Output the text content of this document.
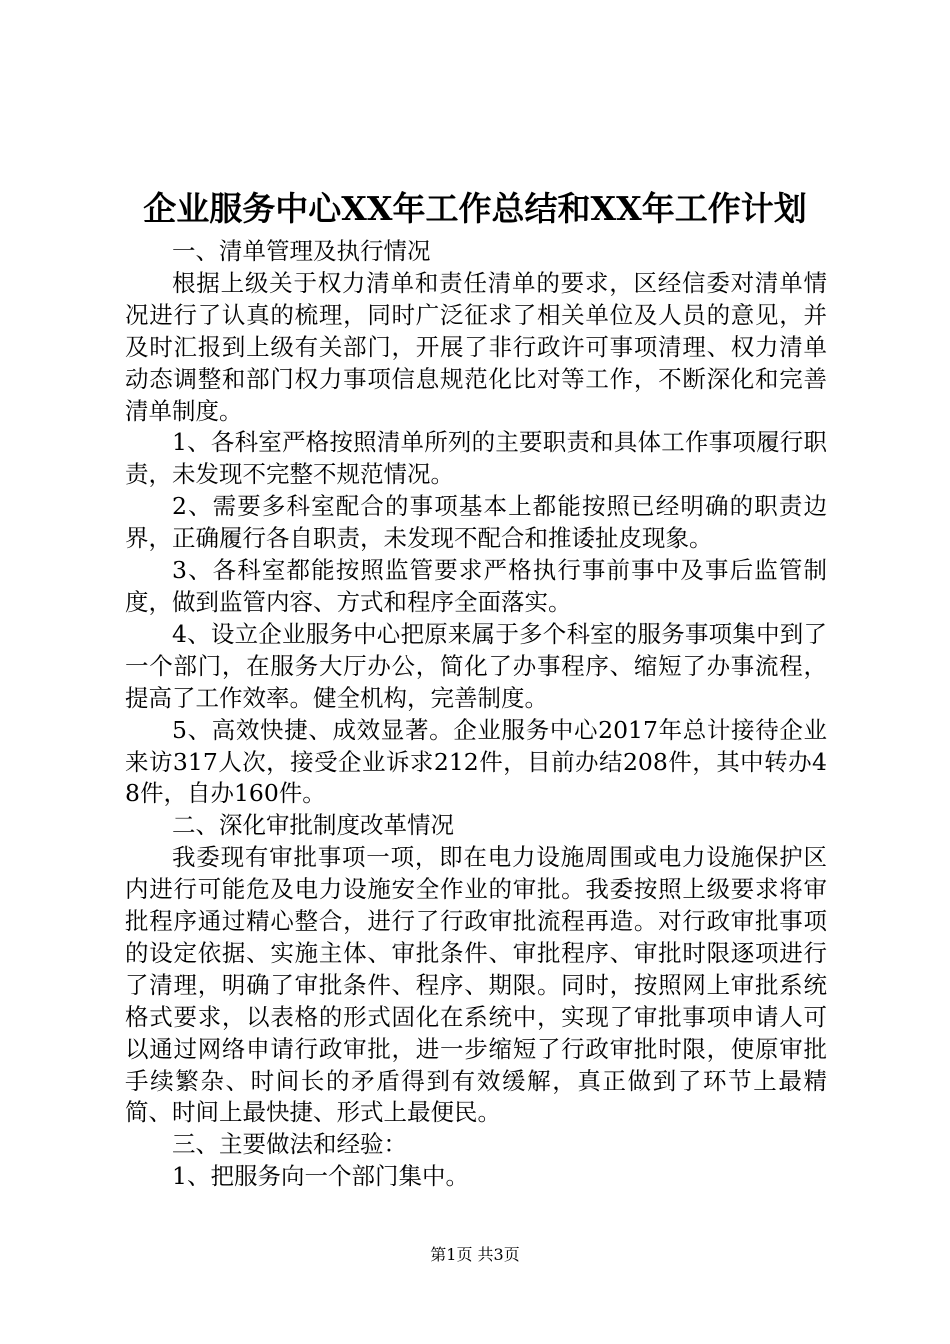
企业服务中心XX年工作总结和XX年工作计划

一、清单管理及执行情况

根据上级关于权力清单和责任清单的要求，区经信委对清单情况进行了认真的梳理，同时广泛征求了相关单位及人员的意见，并及时汇报到上级有关部门，开展了非行政许可事项清理、权力清单动态调整和部门权力事项信息规范化比对等工作，不断深化和完善清单制度。

1、各科室严格按照清单所列的主要职责和具体工作事项履行职责，未发现不完整不规范情况。

2、需要多科室配合的事项基本上都能按照已经明确的职责边界，正确履行各自职责，未发现不配合和推诿扯皮现象。

3、各科室都能按照监管要求严格执行事前事中及事后监管制度，做到监管内容、方式和程序全面落实。

4、设立企业服务中心把原来属于多个科室的服务事项集中到了一个部门，在服务大厅办公，简化了办事程序、缩短了办事流程，提高了工作效率。健全机构，完善制度。

5、高效快捷、成效显著。企业服务中心2017年总计接待企业来访317人次，接受企业诉求212件，目前办结208件，其中转办48件，自办160件。

二、深化审批制度改革情况

我委现有审批事项一项，即在电力设施周围或电力设施保护区内进行可能危及电力设施安全作业的审批。我委按照上级要求将审批程序通过精心整合，进行了行政审批流程再造。对行政审批事项的设定依据、实施主体、审批条件、审批程序、审批时限逐项进行了清理，明确了审批条件、程序、期限。同时，按照网上审批系统格式要求，以表格的形式固化在系统中，实现了审批事项申请人可以通过网络申请行政审批，进一步缩短了行政审批时限，使原审批手续繁杂、时间长的矛盾得到有效缓解，真正做到了环节上最精简、时间上最快捷、形式上最便民。

三、主要做法和经验：

1、把服务向一个部门集中。

第1页 共3页
